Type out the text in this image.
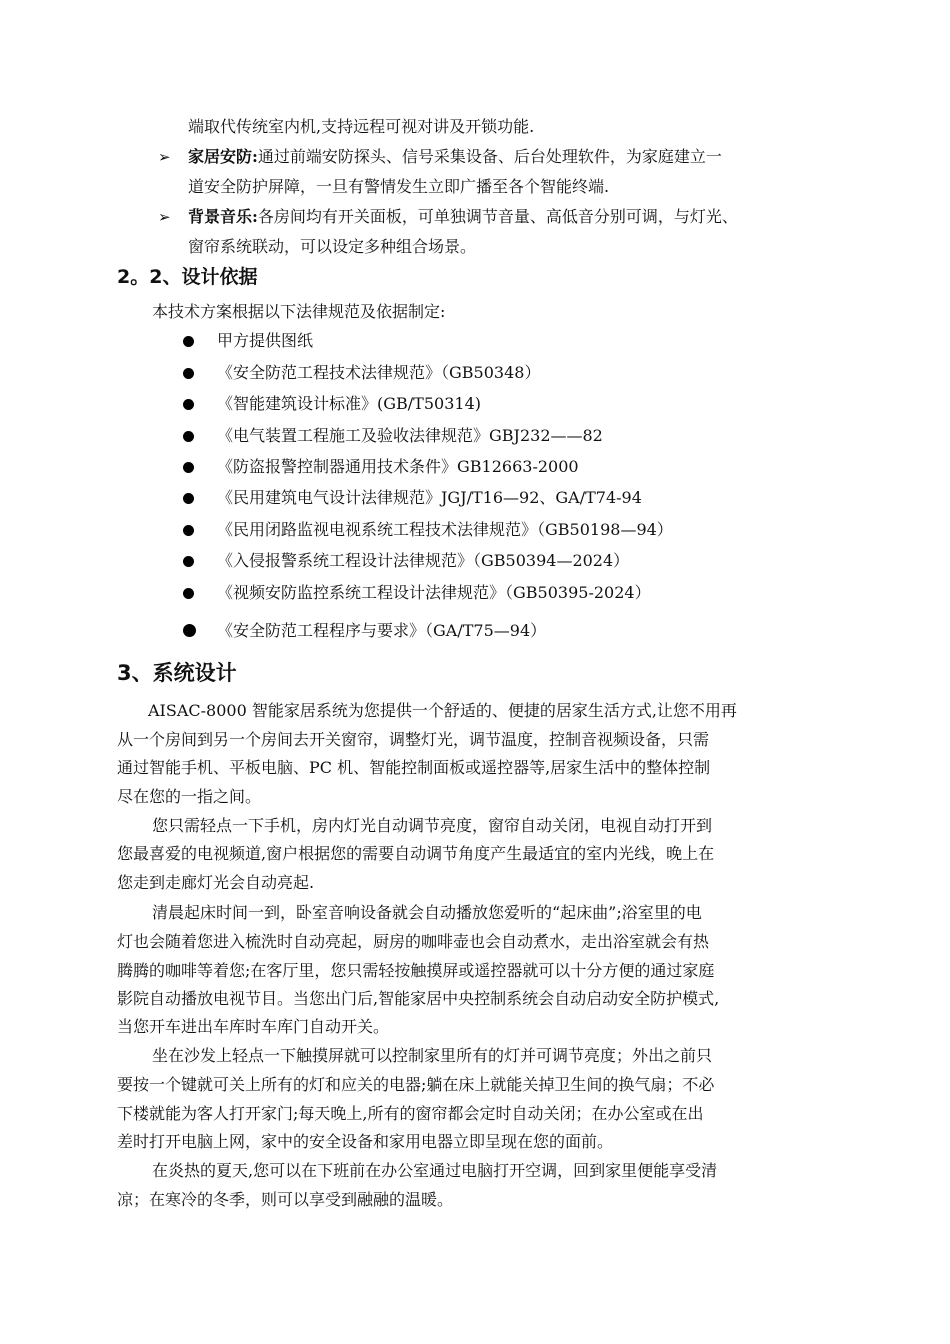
端取代传统室内机,支持远程可视对讲及开锁功能.
➢ 家居安防:通过前端安防探头、信号采集设备、后台处理软件，为家庭建立一
道安全防护屏障，一旦有警情发生立即广播至各个智能终端.
➢ 背景音乐:各房间均有开关面板，可单独调节音量、高低音分别可调，与灯光、
窗帘系统联动，可以设定多种组合场景。
2。2、设计依据
本技术方案根据以下法律规范及依据制定:
甲方提供图纸
《安全防范工程技术法律规范》（GB50348）
《智能建筑设计标准》(GB/T50314)
《电气装置工程施工及验收法律规范》GBJ232——82
《防盗报警控制器通用技术条件》GB12663-2000
《民用建筑电气设计法律规范》JGJ/T16—92、GA/T74-94
《民用闭路监视电视系统工程技术法律规范》（GB50198—94）
《入侵报警系统工程设计法律规范》（GB50394—2024）
《视频安防监控系统工程设计法律规范》（GB50395-2024）
《安全防范工程程序与要求》（GA/T75—94）
3、系统设计
AISAC-8000 智能家居系统为您提供一个舒适的、便捷的居家生活方式,让您不用再
从一个房间到另一个房间去开关窗帘，调整灯光，调节温度，控制音视频设备，只需
通过智能手机、平板电脑、PC 机、智能控制面板或遥控器等,居家生活中的整体控制
尽在您的一指之间。
您只需轻点一下手机，房内灯光自动调节亮度，窗帘自动关闭，电视自动打开到
您最喜爱的电视频道,窗户根据您的需要自动调节角度产生最适宜的室内光线，晚上在
您走到走廊灯光会自动亮起.
清晨起床时间一到，卧室音响设备就会自动播放您爱听的“起床曲”;浴室里的电
灯也会随着您进入梳洗时自动亮起，厨房的咖啡壶也会自动煮水，走出浴室就会有热
腾腾的咖啡等着您;在客厅里，您只需轻按触摸屏或遥控器就可以十分方便的通过家庭
影院自动播放电视节目。当您出门后,智能家居中央控制系统会自动启动安全防护模式,
当您开车进出车库时车库门自动开关。
坐在沙发上轻点一下触摸屏就可以控制家里所有的灯并可调节亮度；外出之前只
要按一个键就可关上所有的灯和应关的电器;躺在床上就能关掉卫生间的换气扇；不必
下楼就能为客人打开家门;每天晚上,所有的窗帘都会定时自动关闭；在办公室或在出
差时打开电脑上网，家中的安全设备和家用电器立即呈现在您的面前。
在炎热的夏天,您可以在下班前在办公室通过电脑打开空调，回到家里便能享受清
凉；在寒冷的冬季，则可以享受到融融的温暖。
